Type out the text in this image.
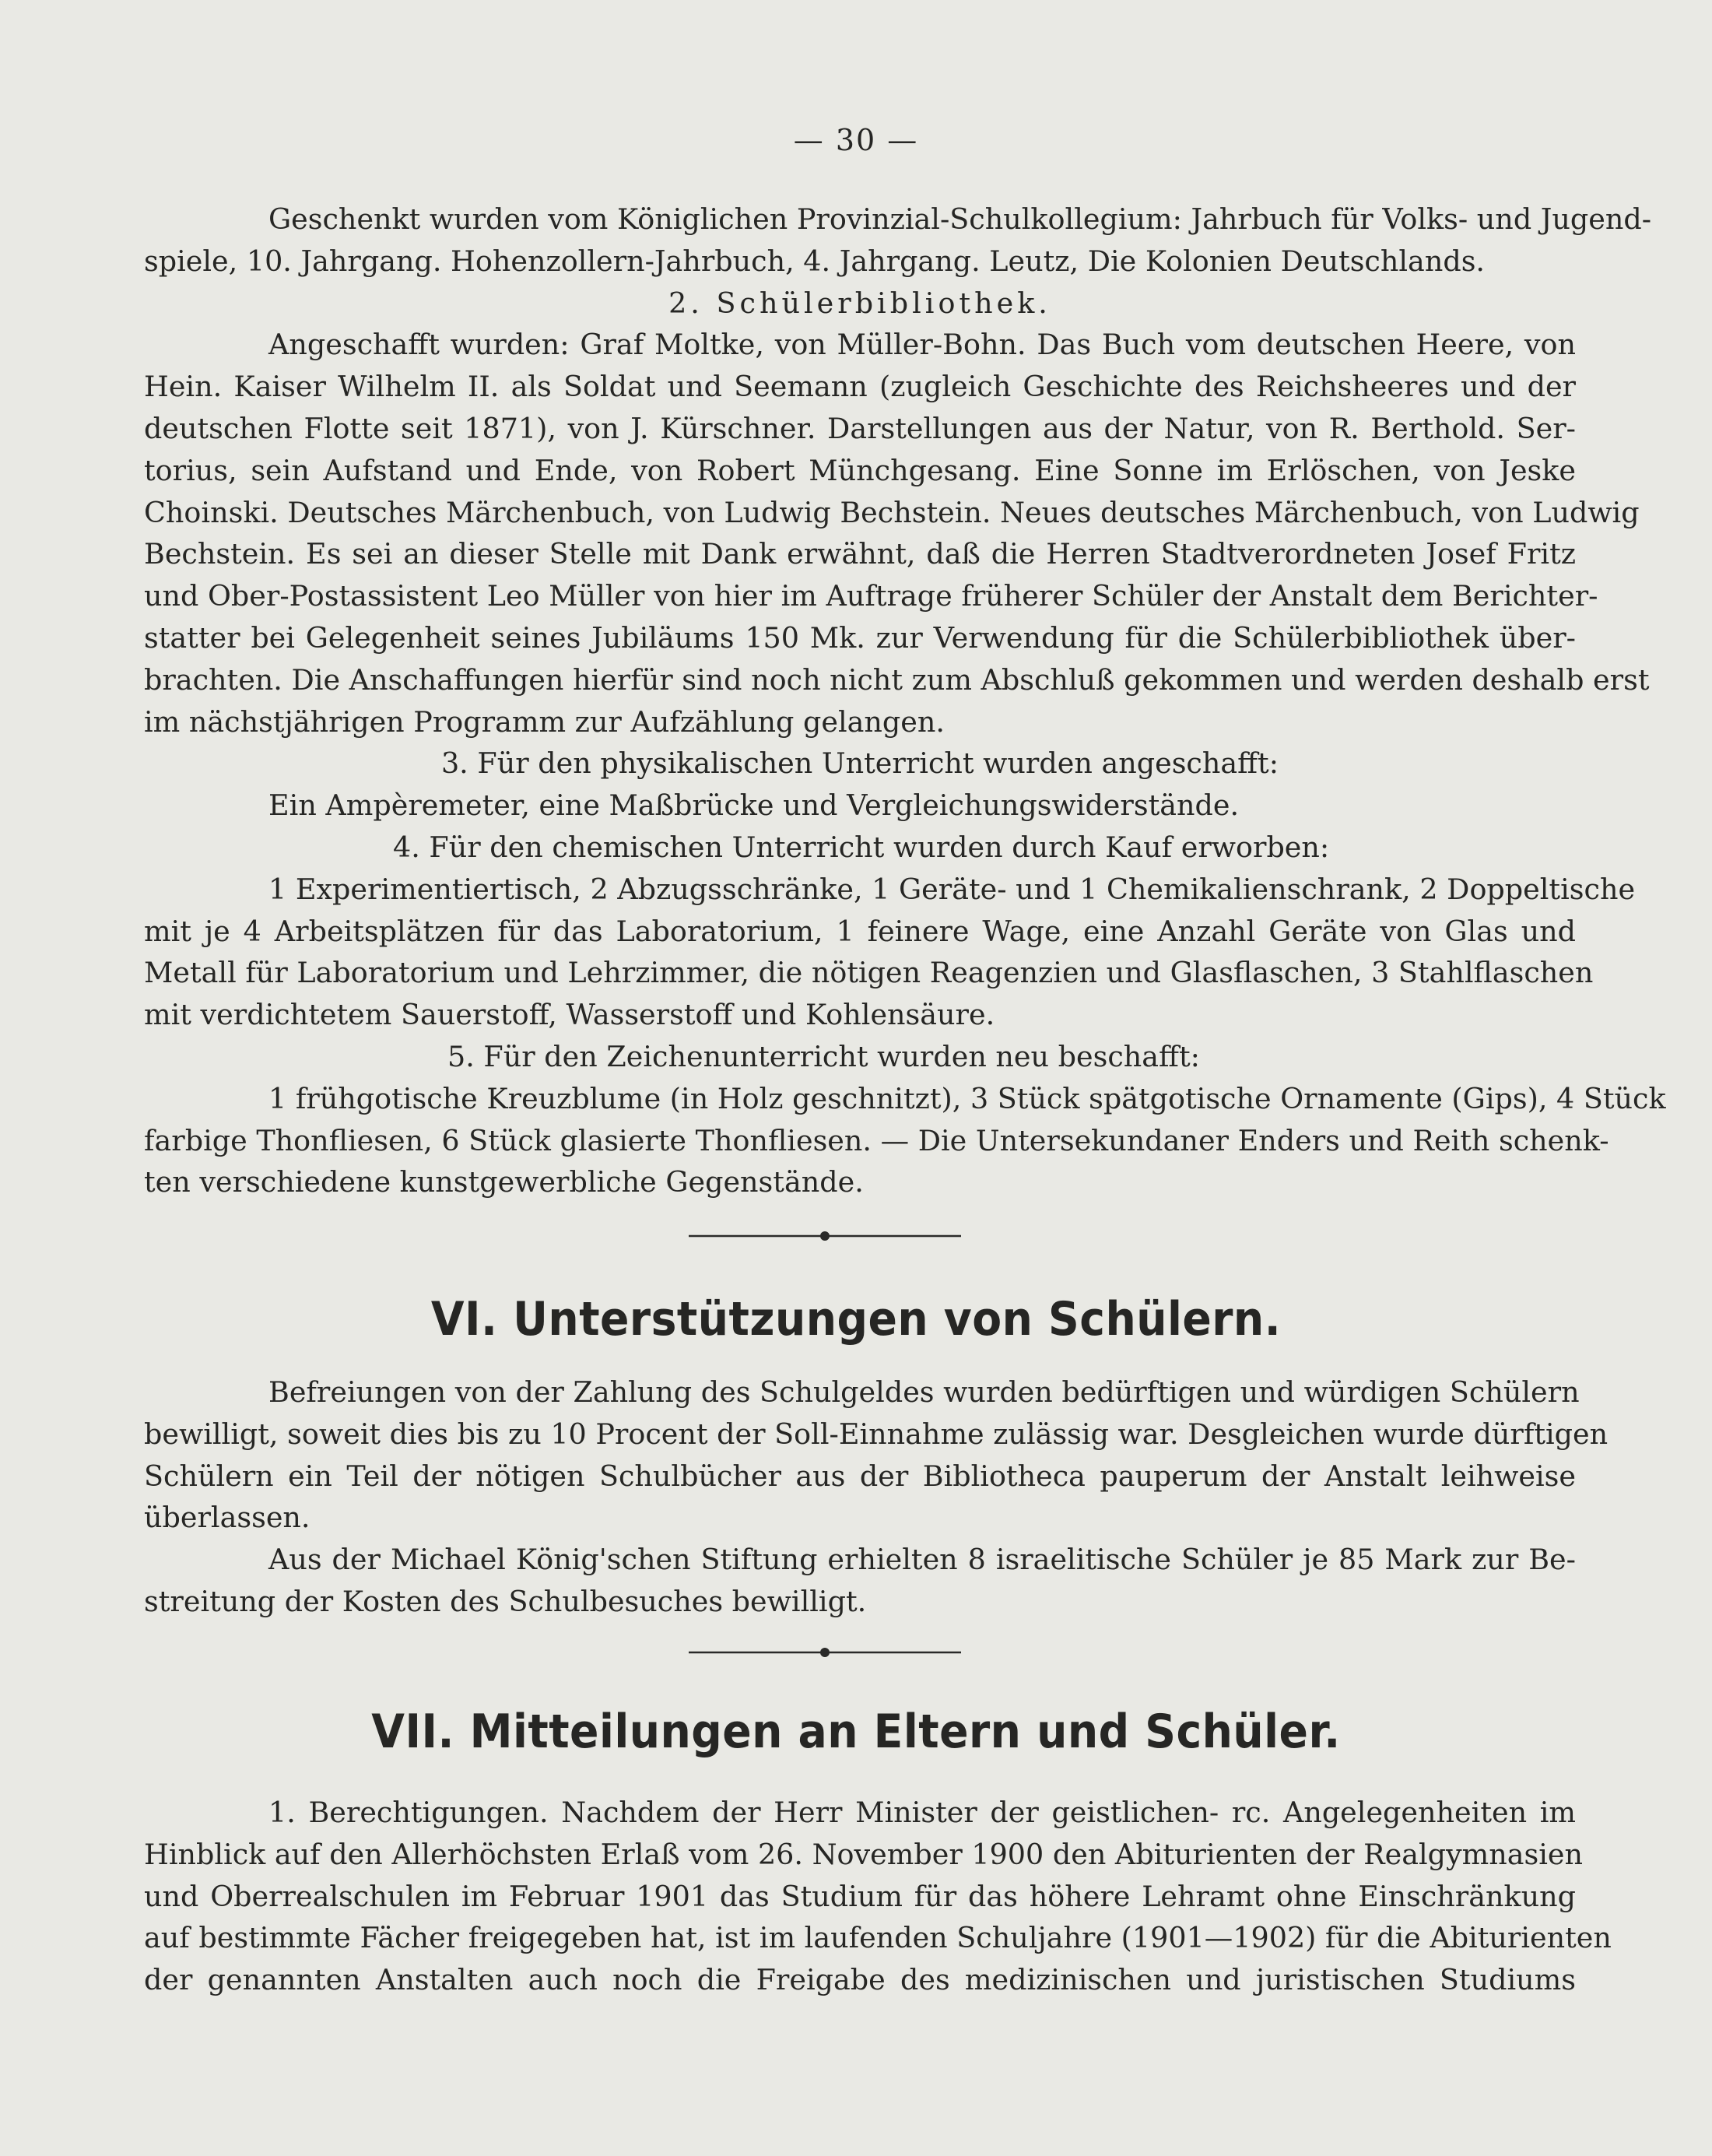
— 30 —
Geschenkt wurden vom Königlichen Provinzial-Schulkollegium: Jahrbuch für Volks- und Jugend-
spiele, 10. Jahrgang. Hohenzollern-Jahrbuch, 4. Jahrgang. Leutz, Die Kolonien Deutschlands.
2. Schülerbibliothek.
Angeschafft wurden: Graf Moltke, von Müller-Bohn. Das Buch vom deutschen Heere, von
Hein. Kaiser Wilhelm II. als Soldat und Seemann (zugleich Geschichte des Reichsheeres und der
deutschen Flotte seit 1871), von J. Kürschner. Darstellungen aus der Natur, von R. Berthold. Ser-
torius, sein Aufstand und Ende, von Robert Münchgesang. Eine Sonne im Erlöschen, von Jeske
Choinski. Deutsches Märchenbuch, von Ludwig Bechstein. Neues deutsches Märchenbuch, von Ludwig
Bechstein. Es sei an dieser Stelle mit Dank erwähnt, daß die Herren Stadtverordneten Josef Fritz
und Ober-Postassistent Leo Müller von hier im Auftrage früherer Schüler der Anstalt dem Berichter-
statter bei Gelegenheit seines Jubiläums 150 Mk. zur Verwendung für die Schülerbibliothek über-
brachten. Die Anschaffungen hierfür sind noch nicht zum Abschluß gekommen und werden deshalb erst
im nächstjährigen Programm zur Aufzählung gelangen.
3. Für den physikalischen Unterricht wurden angeschafft:
Ein Ampèremeter, eine Maßbrücke und Vergleichungswiderstände.
4. Für den chemischen Unterricht wurden durch Kauf erworben:
1 Experimentiertisch, 2 Abzugsschränke, 1 Geräte- und 1 Chemikalienschrank, 2 Doppeltische
mit je 4 Arbeitsplätzen für das Laboratorium, 1 feinere Wage, eine Anzahl Geräte von Glas und
Metall für Laboratorium und Lehrzimmer, die nötigen Reagenzien und Glasflaschen, 3 Stahlflaschen
mit verdichtetem Sauerstoff, Wasserstoff und Kohlensäure.
5. Für den Zeichenunterricht wurden neu beschafft:
1 frühgotische Kreuzblume (in Holz geschnitzt), 3 Stück spätgotische Ornamente (Gips), 4 Stück
farbige Thonfliesen, 6 Stück glasierte Thonfliesen. — Die Untersekundaner Enders und Reith schenk-
ten verschiedene kunstgewerbliche Gegenstände.
VI. Unterstützungen von Schülern.
Befreiungen von der Zahlung des Schulgeldes wurden bedürftigen und würdigen Schülern
bewilligt, soweit dies bis zu 10 Procent der Soll-Einnahme zulässig war. Desgleichen wurde dürftigen
Schülern ein Teil der nötigen Schulbücher aus der Bibliotheca pauperum der Anstalt leihweise
überlassen.
Aus der Michael König'schen Stiftung erhielten 8 israelitische Schüler je 85 Mark zur Be-
streitung der Kosten des Schulbesuches bewilligt.
VII. Mitteilungen an Eltern und Schüler.
1. Berechtigungen. Nachdem der Herr Minister der geistlichen- rc. Angelegenheiten im
Hinblick auf den Allerhöchsten Erlaß vom 26. November 1900 den Abiturienten der Realgymnasien
und Oberrealschulen im Februar 1901 das Studium für das höhere Lehramt ohne Einschränkung
auf bestimmte Fächer freigegeben hat, ist im laufenden Schuljahre (1901—1902) für die Abiturienten
der genannten Anstalten auch noch die Freigabe des medizinischen und juristischen Studiums
